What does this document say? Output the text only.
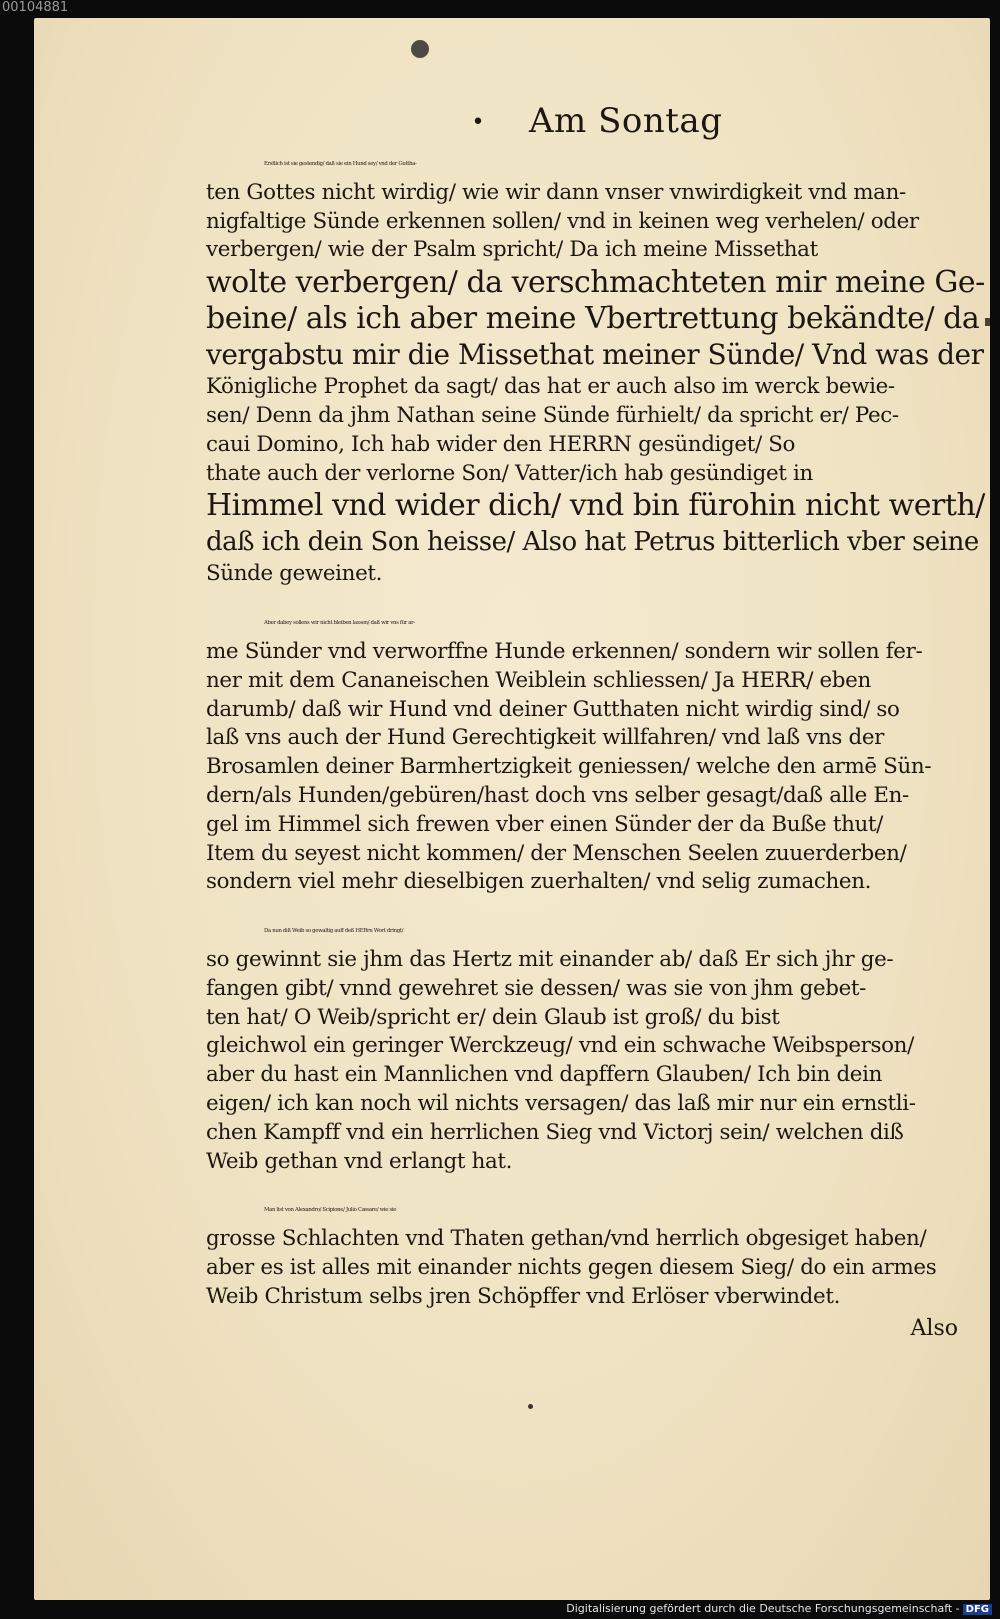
00104881
• Am Sontag
Erstlich ist sie gestendig/ daß sie ein Hund sey/ vnd der Guttha-
ten Gottes nicht wirdig/ wie wir dann vnser vnwirdigkeit vnd man-
nigfaltige Sünde erkennen sollen/ vnd in keinen weg verhelen/ oder
verbergen/ wie der Psalm spricht/ Da ich meine Missethat
wolte verbergen/ da verschmachteten mir meine Ge-
beine/ als ich aber meine Vbertrettung bekändte/ da
vergabstu mir die Missethat meiner Sünde/ Vnd was der
Königliche Prophet da sagt/ das hat er auch also im werck bewie-
sen/ Denn da jhm Nathan seine Sünde fürhielt/ da spricht er/ Pec-
caui Domino, Ich hab wider den HERRN gesündiget/ So
thate auch der verlorne Son/ Vatter/ich hab gesündiget in
Himmel vnd wider dich/ vnd bin fürohin nicht werth/
daß ich dein Son heisse/ Also hat Petrus bitterlich vber seine
Sünde geweinet.
Aber dabey sollens wir nicht bleiben lassen/ daß wir vns für ar-
me Sünder vnd verworffne Hunde erkennen/ sondern wir sollen fer-
ner mit dem Cananeischen Weiblein schliessen/ Ja HERR/ eben
darumb/ daß wir Hund vnd deiner Gutthaten nicht wirdig sind/ so
laß vns auch der Hund Gerechtigkeit willfahren/ vnd laß vns der
Brosamlen deiner Barmhertzigkeit geniessen/ welche den armē Sün-
dern/als Hunden/gebüren/hast doch vns selber gesagt/daß alle En-
gel im Himmel sich frewen vber einen Sünder der da Buße thut/
Item du seyest nicht kommen/ der Menschen Seelen zuuerderben/
sondern viel mehr dieselbigen zuerhalten/ vnd selig zumachen.
Da nun diß Weib so gewaltig auff deß HERrn Wort dringt/
so gewinnt sie jhm das Hertz mit einander ab/ daß Er sich jhr ge-
fangen gibt/ vnnd gewehret sie dessen/ was sie von jhm gebet-
ten hat/ O Weib/spricht er/ dein Glaub ist groß/ du bist
gleichwol ein geringer Werckzeug/ vnd ein schwache Weibsperson/
aber du hast ein Mannlichen vnd dapffern Glauben/ Ich bin dein
eigen/ ich kan noch wil nichts versagen/ das laß mir nur ein ernstli-
chen Kampff vnd ein herrlichen Sieg vnd Victorj sein/ welchen diß
Weib gethan vnd erlangt hat.
Man list von Alexandro/ Scipione/ Julio Cæsare/ wie sie
grosse Schlachten vnd Thaten gethan/vnd herrlich obgesiget haben/
aber es ist alles mit einander nichts gegen diesem Sieg/ do ein armes
Weib Christum selbs jren Schöpffer vnd Erlöser vberwindet.
Also
Digitalisierung gefördert durch die Deutsche Forschungsgemeinschaft - DFG
